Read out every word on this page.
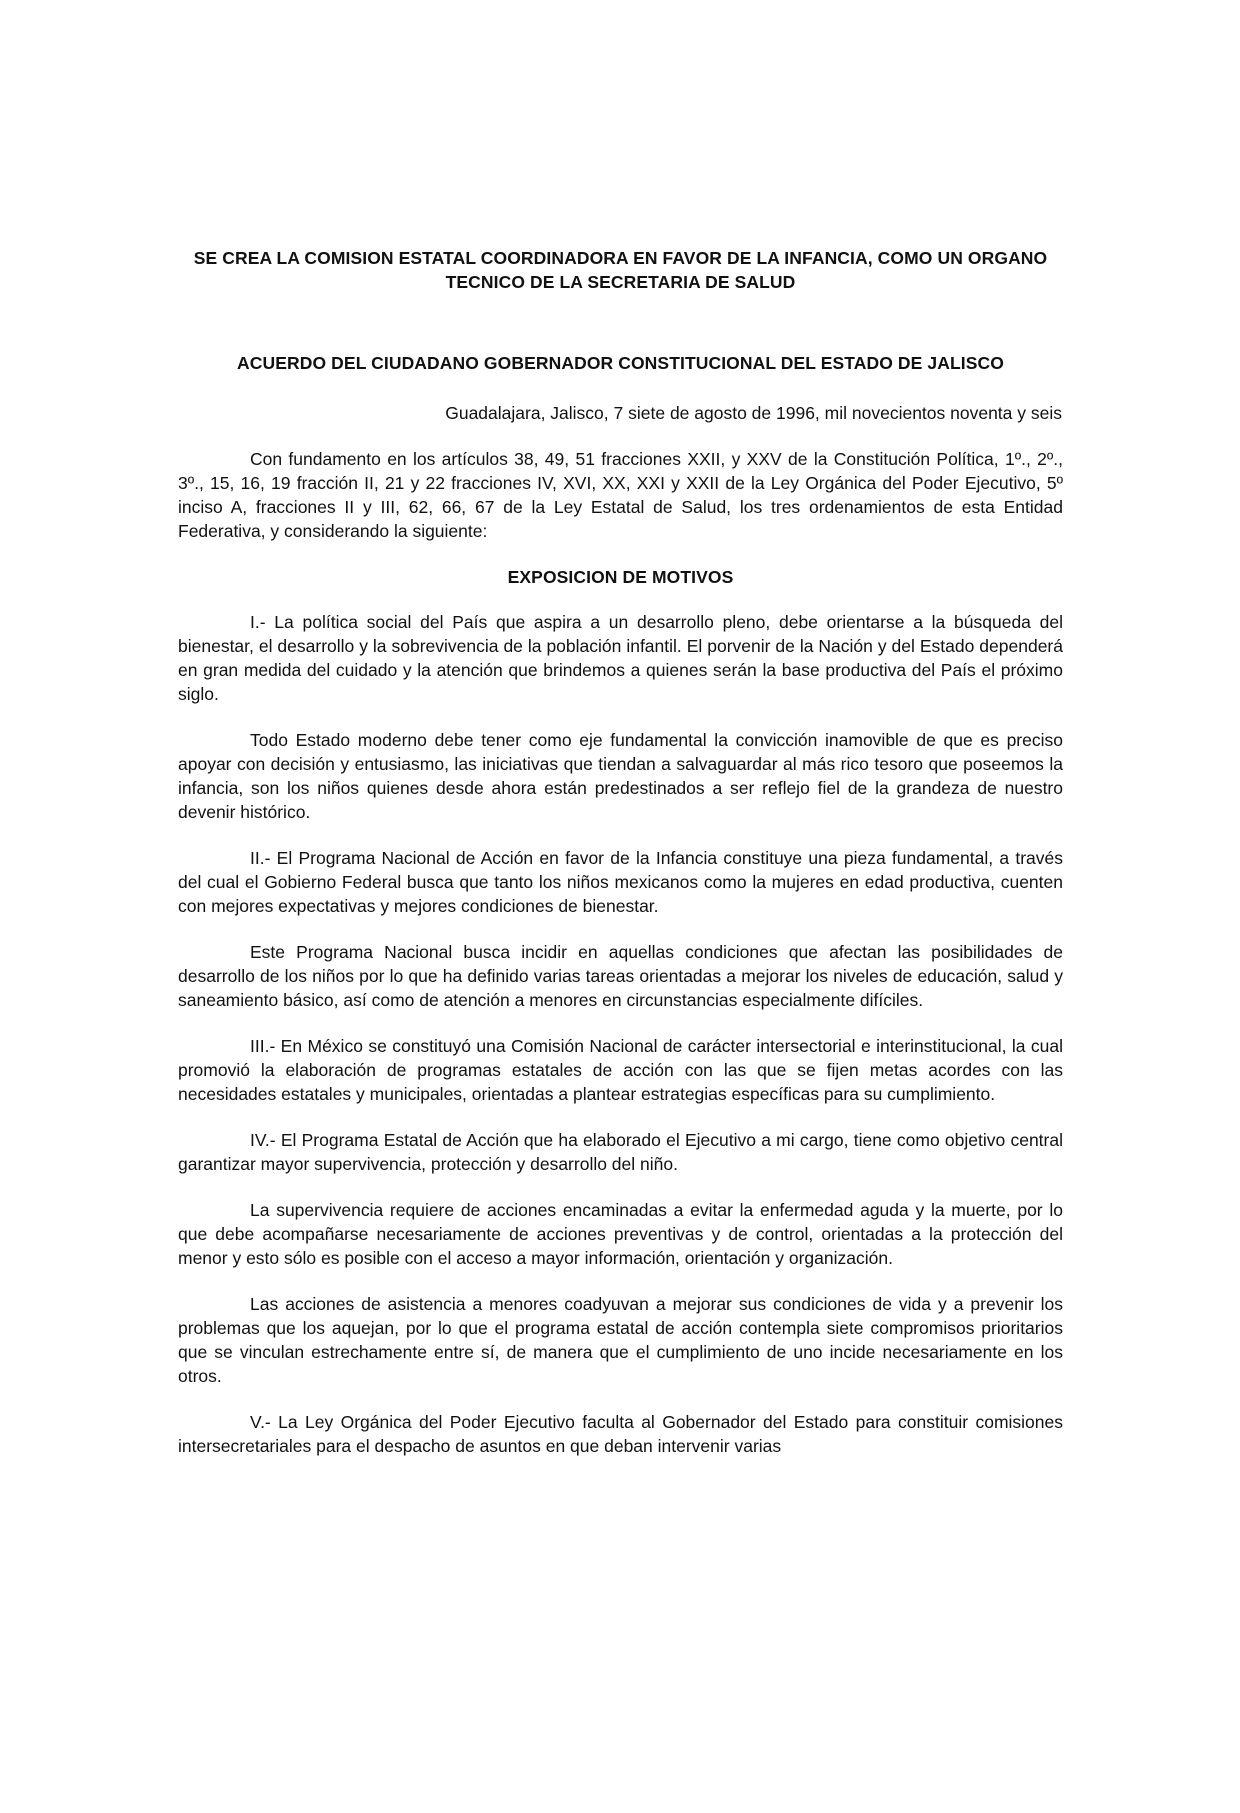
SE CREA LA COMISION ESTATAL COORDINADORA EN FAVOR DE LA INFANCIA, COMO UN ORGANO TECNICO DE LA SECRETARIA DE SALUD
ACUERDO DEL CIUDADANO GOBERNADOR CONSTITUCIONAL DEL ESTADO DE JALISCO

Guadalajara, Jalisco, 7 siete de agosto de 1996, mil novecientos noventa y seis

Con fundamento en los artículos 38, 49, 51 fracciones XXII, y XXV de la Constitución Política, 1º., 2º., 3º., 15, 16, 19 fracción II, 21 y 22 fracciones IV, XVI, XX, XXI y XXII de la Ley Orgánica del Poder Ejecutivo, 5º inciso A, fracciones II y III, 62, 66, 67 de la Ley Estatal de Salud, los tres ordenamientos de esta Entidad Federativa, y considerando la siguiente:

EXPOSICION DE MOTIVOS

I.- La política social del País que aspira a un desarrollo pleno, debe orientarse a la búsqueda del bienestar, el desarrollo y la sobrevivencia de la población infantil. El porvenir de la Nación y del Estado dependerá en gran medida del cuidado y la atención que brindemos a quienes serán la base productiva del País el próximo siglo.

Todo Estado moderno debe tener como eje fundamental la convicción inamovible de que es preciso apoyar con decisión y entusiasmo, las iniciativas que tiendan a salvaguardar al más rico tesoro que poseemos la infancia, son los niños quienes desde ahora están predestinados a ser reflejo fiel de la grandeza de nuestro devenir histórico.

II.- El Programa Nacional de Acción en favor de la Infancia constituye una pieza fundamental, a través del cual el Gobierno Federal busca que tanto los niños mexicanos como la mujeres en edad productiva, cuenten con mejores expectativas y mejores condiciones de bienestar.

Este Programa Nacional busca incidir en aquellas condiciones que afectan las posibilidades de desarrollo de los niños por lo que ha definido varias tareas orientadas a mejorar los niveles de educación, salud y saneamiento básico, así como de atención a menores en circunstancias especialmente difíciles.

III.- En México se constituyó una Comisión Nacional de carácter intersectorial e interinstitucional, la cual promovió la elaboración de programas estatales de acción con las que se fijen metas acordes con las necesidades estatales y municipales, orientadas a plantear estrategias específicas para su cumplimiento.

IV.- El Programa Estatal de Acción que ha elaborado el Ejecutivo a mi cargo, tiene como objetivo central garantizar mayor supervivencia, protección y desarrollo del niño.

La supervivencia requiere de acciones encaminadas a evitar la enfermedad aguda y la muerte, por lo que debe acompañarse necesariamente de acciones preventivas y de control, orientadas a la protección del menor y esto sólo es posible con el acceso a mayor información, orientación y organización.

Las acciones de asistencia a menores coadyuvan a mejorar sus condiciones de vida y a prevenir los problemas que los aquejan, por lo que el programa estatal de acción contempla siete compromisos prioritarios que se vinculan estrechamente entre sí, de manera que el cumplimiento de uno incide necesariamente en los otros.

V.- La Ley Orgánica del Poder Ejecutivo faculta al Gobernador del Estado para constituir comisiones intersecretariales para el despacho de asuntos en que deban intervenir varias
